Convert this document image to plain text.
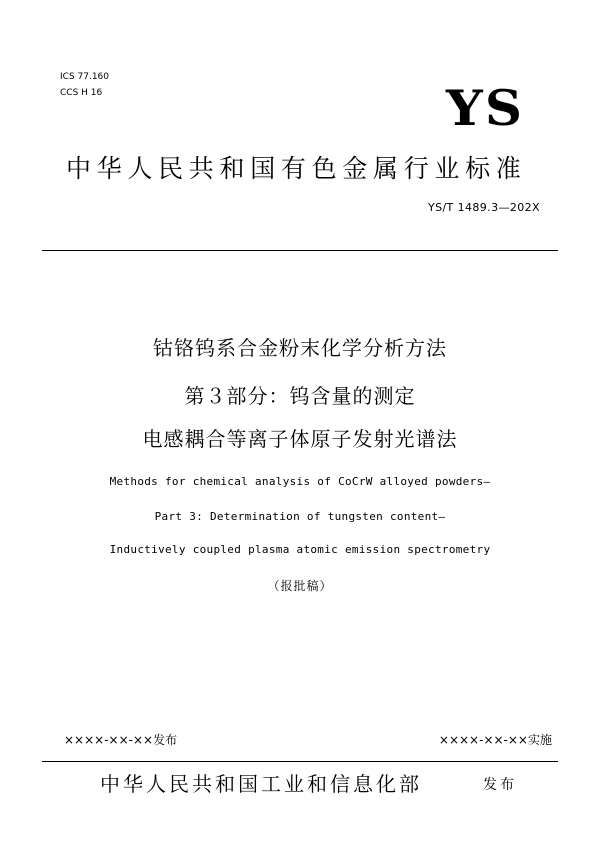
ICS 77.160
CCS H 16	YS
中华人民共和国有色金属行业标准
YS/T 1489.3—202X
钴铬钨系合金粉末化学分析方法
第３部分：钨含量的测定
电感耦合等离子体原子发射光谱法
Methods for chemical analysis of CoCrW alloyed powders—
Part 3: Determination of tungsten content—
Inductively coupled plasma atomic emission spectrometry
（报批稿）
××××-××-××发布	××××-××-××实施
中华人民共和国工业和信息化部	发布
